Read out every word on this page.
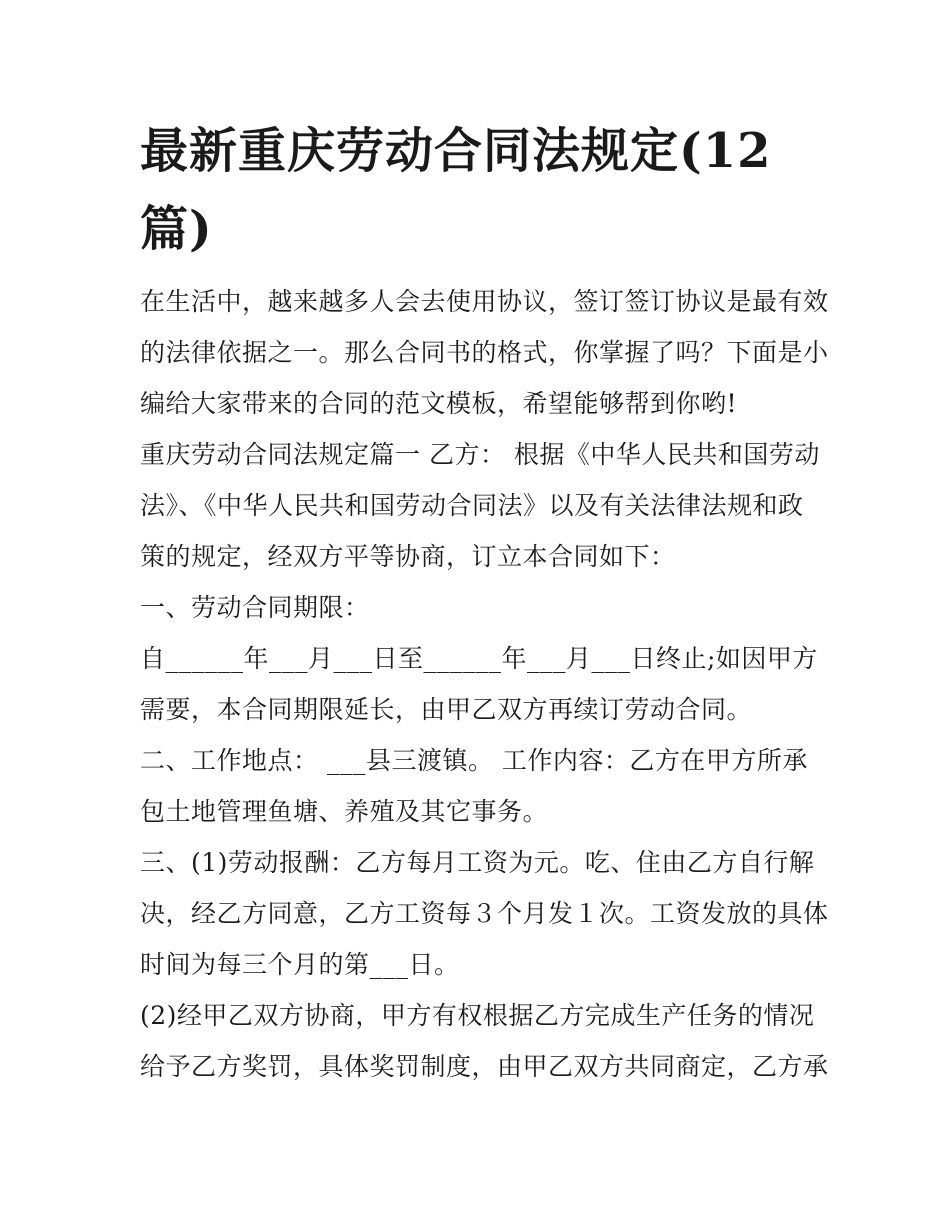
最新重庆劳动合同法规定(12
篇)
在生活中，越来越多人会去使用协议，签订签订协议是最有效
的法律依据之一。那么合同书的格式，你掌握了吗？下面是小
编给大家带来的合同的范文模板，希望能够帮到你哟!
重庆劳动合同法规定篇一 乙方： 根据《中华人民共和国劳动
法》、《中华人民共和国劳动合同法》以及有关法律法规和政
策的规定，经双方平等协商，订立本合同如下：
一、劳动合同期限：
自______年___月___日至______年___月___日终止;如因甲方
需要，本合同期限延长，由甲乙双方再续订劳动合同。
二、工作地点： ___县三渡镇。 工作内容：乙方在甲方所承
包土地管理鱼塘、养殖及其它事务。
三、(1)劳动报酬：乙方每月工资为元。吃、住由乙方自行解
决，经乙方同意，乙方工资每３个月发１次。工资发放的具体
时间为每三个月的第___日。
(2)经甲乙双方协商，甲方有权根据乙方完成生产任务的情况
给予乙方奖罚，具体奖罚制度，由甲乙双方共同商定，乙方承
